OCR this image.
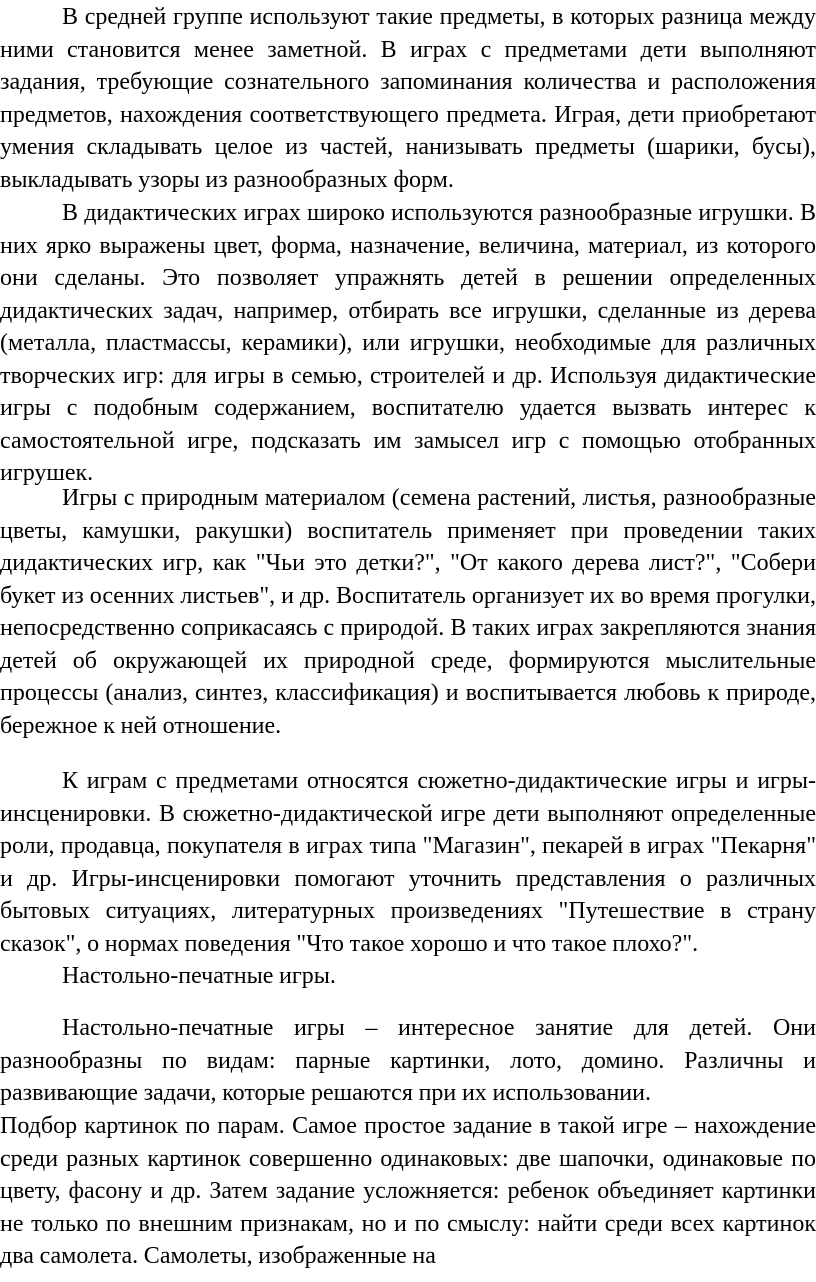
В средней группе используют такие предметы, в которых разница между ними становится менее заметной. В играх с предметами дети выполняют задания, требующие сознательного запоминания количества и расположения предметов, нахождения соответствующего предмета. Играя, дети приобретают умения складывать целое из частей, нанизывать предметы (шарики, бусы), выкладывать узоры из разнообразных форм.

В дидактических играх широко используются разнообразные игрушки. В них ярко выражены цвет, форма, назначение, величина, материал, из которого они сделаны. Это позволяет упражнять детей в решении определенных дидактических задач, например, отбирать все игрушки, сделанные из дерева (металла, пластмассы, керамики), или игрушки, необходимые для различных творческих игр: для игры в семью, строителей и др. Используя дидактические игры с подобным содержанием, воспитателю удается вызвать интерес к самостоятельной игре, подсказать им замысел игр с помощью отобранных игрушек.

Игры с природным материалом (семена растений, листья, разнообразные цветы, камушки, ракушки) воспитатель применяет при проведении таких дидактических игр, как "Чьи это детки?", "От какого дерева лист?", "Собери букет из осенних листьев", и др. Воспитатель организует их во время прогулки, непосредственно соприкасаясь с природой. В таких играх закрепляются знания детей об окружающей их природной среде, формируются мыслительные процессы (анализ, синтез, классификация) и воспитывается любовь к природе, бережное к ней отношение.

К играм с предметами относятся сюжетно-дидактические игры и игры-инсценировки. В сюжетно-дидактической игре дети выполняют определенные роли, продавца, покупателя в играх типа "Магазин", пекарей в играх "Пекарня" и др. Игры-инсценировки помогают уточнить представления о различных бытовых ситуациях, литературных произведениях "Путешествие в страну сказок", о нормах поведения "Что такое хорошо и что такое плохо?".

Настольно-печатные игры.

Настольно-печатные игры – интересное занятие для детей. Они разнообразны по видам: парные картинки, лото, домино. Различны и развивающие задачи, которые решаются при их использовании.

Подбор картинок по парам. Самое простое задание в такой игре – нахождение среди разных картинок совершенно одинаковых: две шапочки, одинаковые по цвету, фасону и др. Затем задание усложняется: ребенок объединяет картинки не только по внешним признакам, но и по смыслу: найти среди всех картинок два самолета. Самолеты, изображенные на
